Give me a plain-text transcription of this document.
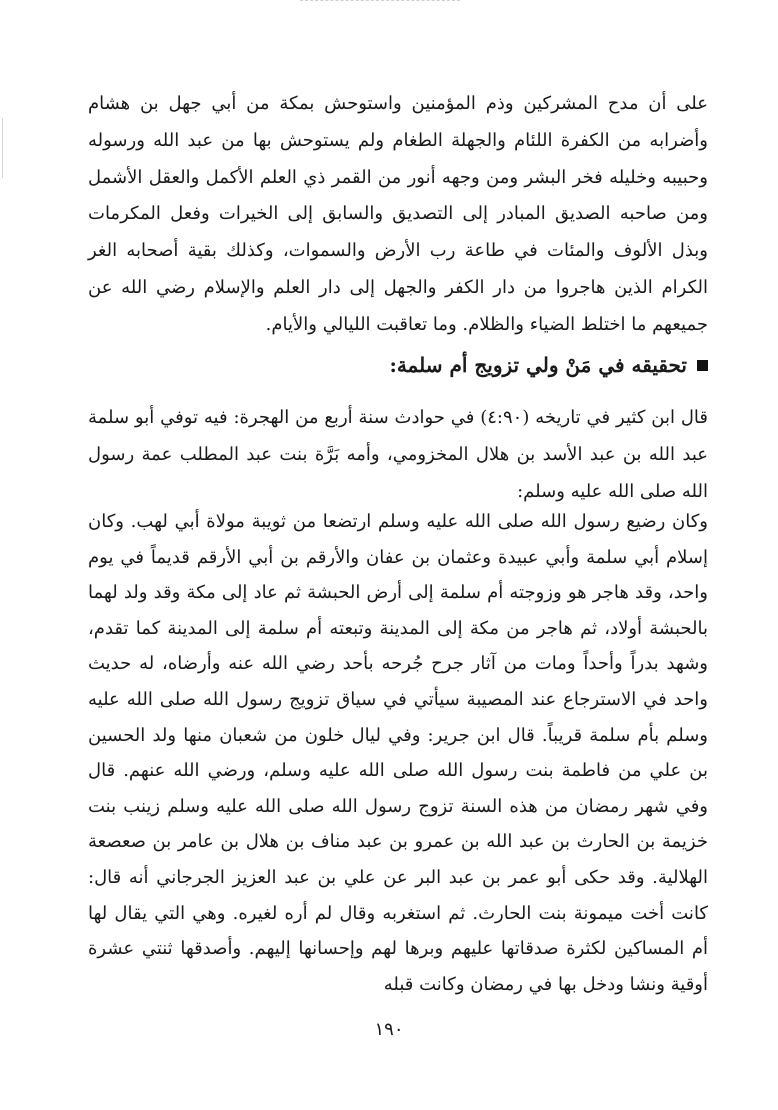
على أن مدح المشركين وذم المؤمنين واستوحش بمكة من أبي جهل بن هشام وأضرابه من الكفرة اللئام والجهلة الطغام ولم يستوحش بها من عبد الله ورسوله وحبيبه وخليله فخر البشر ومن وجهه أنور من القمر ذي العلم الأكمل والعقل الأشمل ومن صاحبه الصديق المبادر إلى التصديق والسابق إلى الخيرات وفعل المكرمات وبذل الألوف والمئات في طاعة رب الأرض والسموات، وكذلك بقية أصحابه الغر الكرام الذين هاجروا من دار الكفر والجهل إلى دار العلم والإسلام رضي الله عن جميعهم ما اختلط الضياء والظلام. وما تعاقبت الليالي والأيام.

تحقيقه في مَنْ ولي تزويج أم سلمة:

قال ابن كثير في تاريخه (٤:٩٠) في حوادث سنة أربع من الهجرة: فيه توفي أبو سلمة عبد الله بن عبد الأسد بن هلال المخزومي، وأمه بَرَّة بنت عبد المطلب عمة رسول الله صلى الله عليه وسلم:

وكان رضيع رسول الله صلى الله عليه وسلم ارتضعا من ثويبة مولاة أبي لهب. وكان إسلام أبي سلمة وأبي عبيدة وعثمان بن عفان والأرقم بن أبي الأرقم قديماً في يوم واحد، وقد هاجر هو وزوجته أم سلمة إلى أرض الحبشة ثم عاد إلى مكة وقد ولد لهما بالحبشة أولاد، ثم هاجر من مكة إلى المدينة وتبعته أم سلمة إلى المدينة كما تقدم، وشهد بدراً وأحداً ومات من آثار جرح جُرحه بأحد رضي الله عنه وأرضاه، له حديث واحد في الاسترجاع عند المصيبة سيأتي في سياق تزويج رسول الله صلى الله عليه وسلم بأم سلمة قريباً. قال ابن جرير: وفي ليال خلون من شعبان منها ولد الحسين بن علي من فاطمة بنت رسول الله صلى الله عليه وسلم، ورضي الله عنهم. قال وفي شهر رمضان من هذه السنة تزوج رسول الله صلى الله عليه وسلم زينب بنت خزيمة بن الحارث بن عبد الله بن عمرو بن عبد مناف بن هلال بن عامر بن صعصعة الهلالية. وقد حكى أبو عمر بن عبد البر عن علي بن عبد العزيز الجرجاني أنه قال: كانت أخت ميمونة بنت الحارث. ثم استغربه وقال لم أره لغيره. وهي التي يقال لها أم المساكين لكثرة صدقاتها عليهم وبرها لهم وإحسانها إليهم. وأصدقها ثنتي عشرة أوقية ونشا ودخل بها في رمضان وكانت قبله

١٩٠
